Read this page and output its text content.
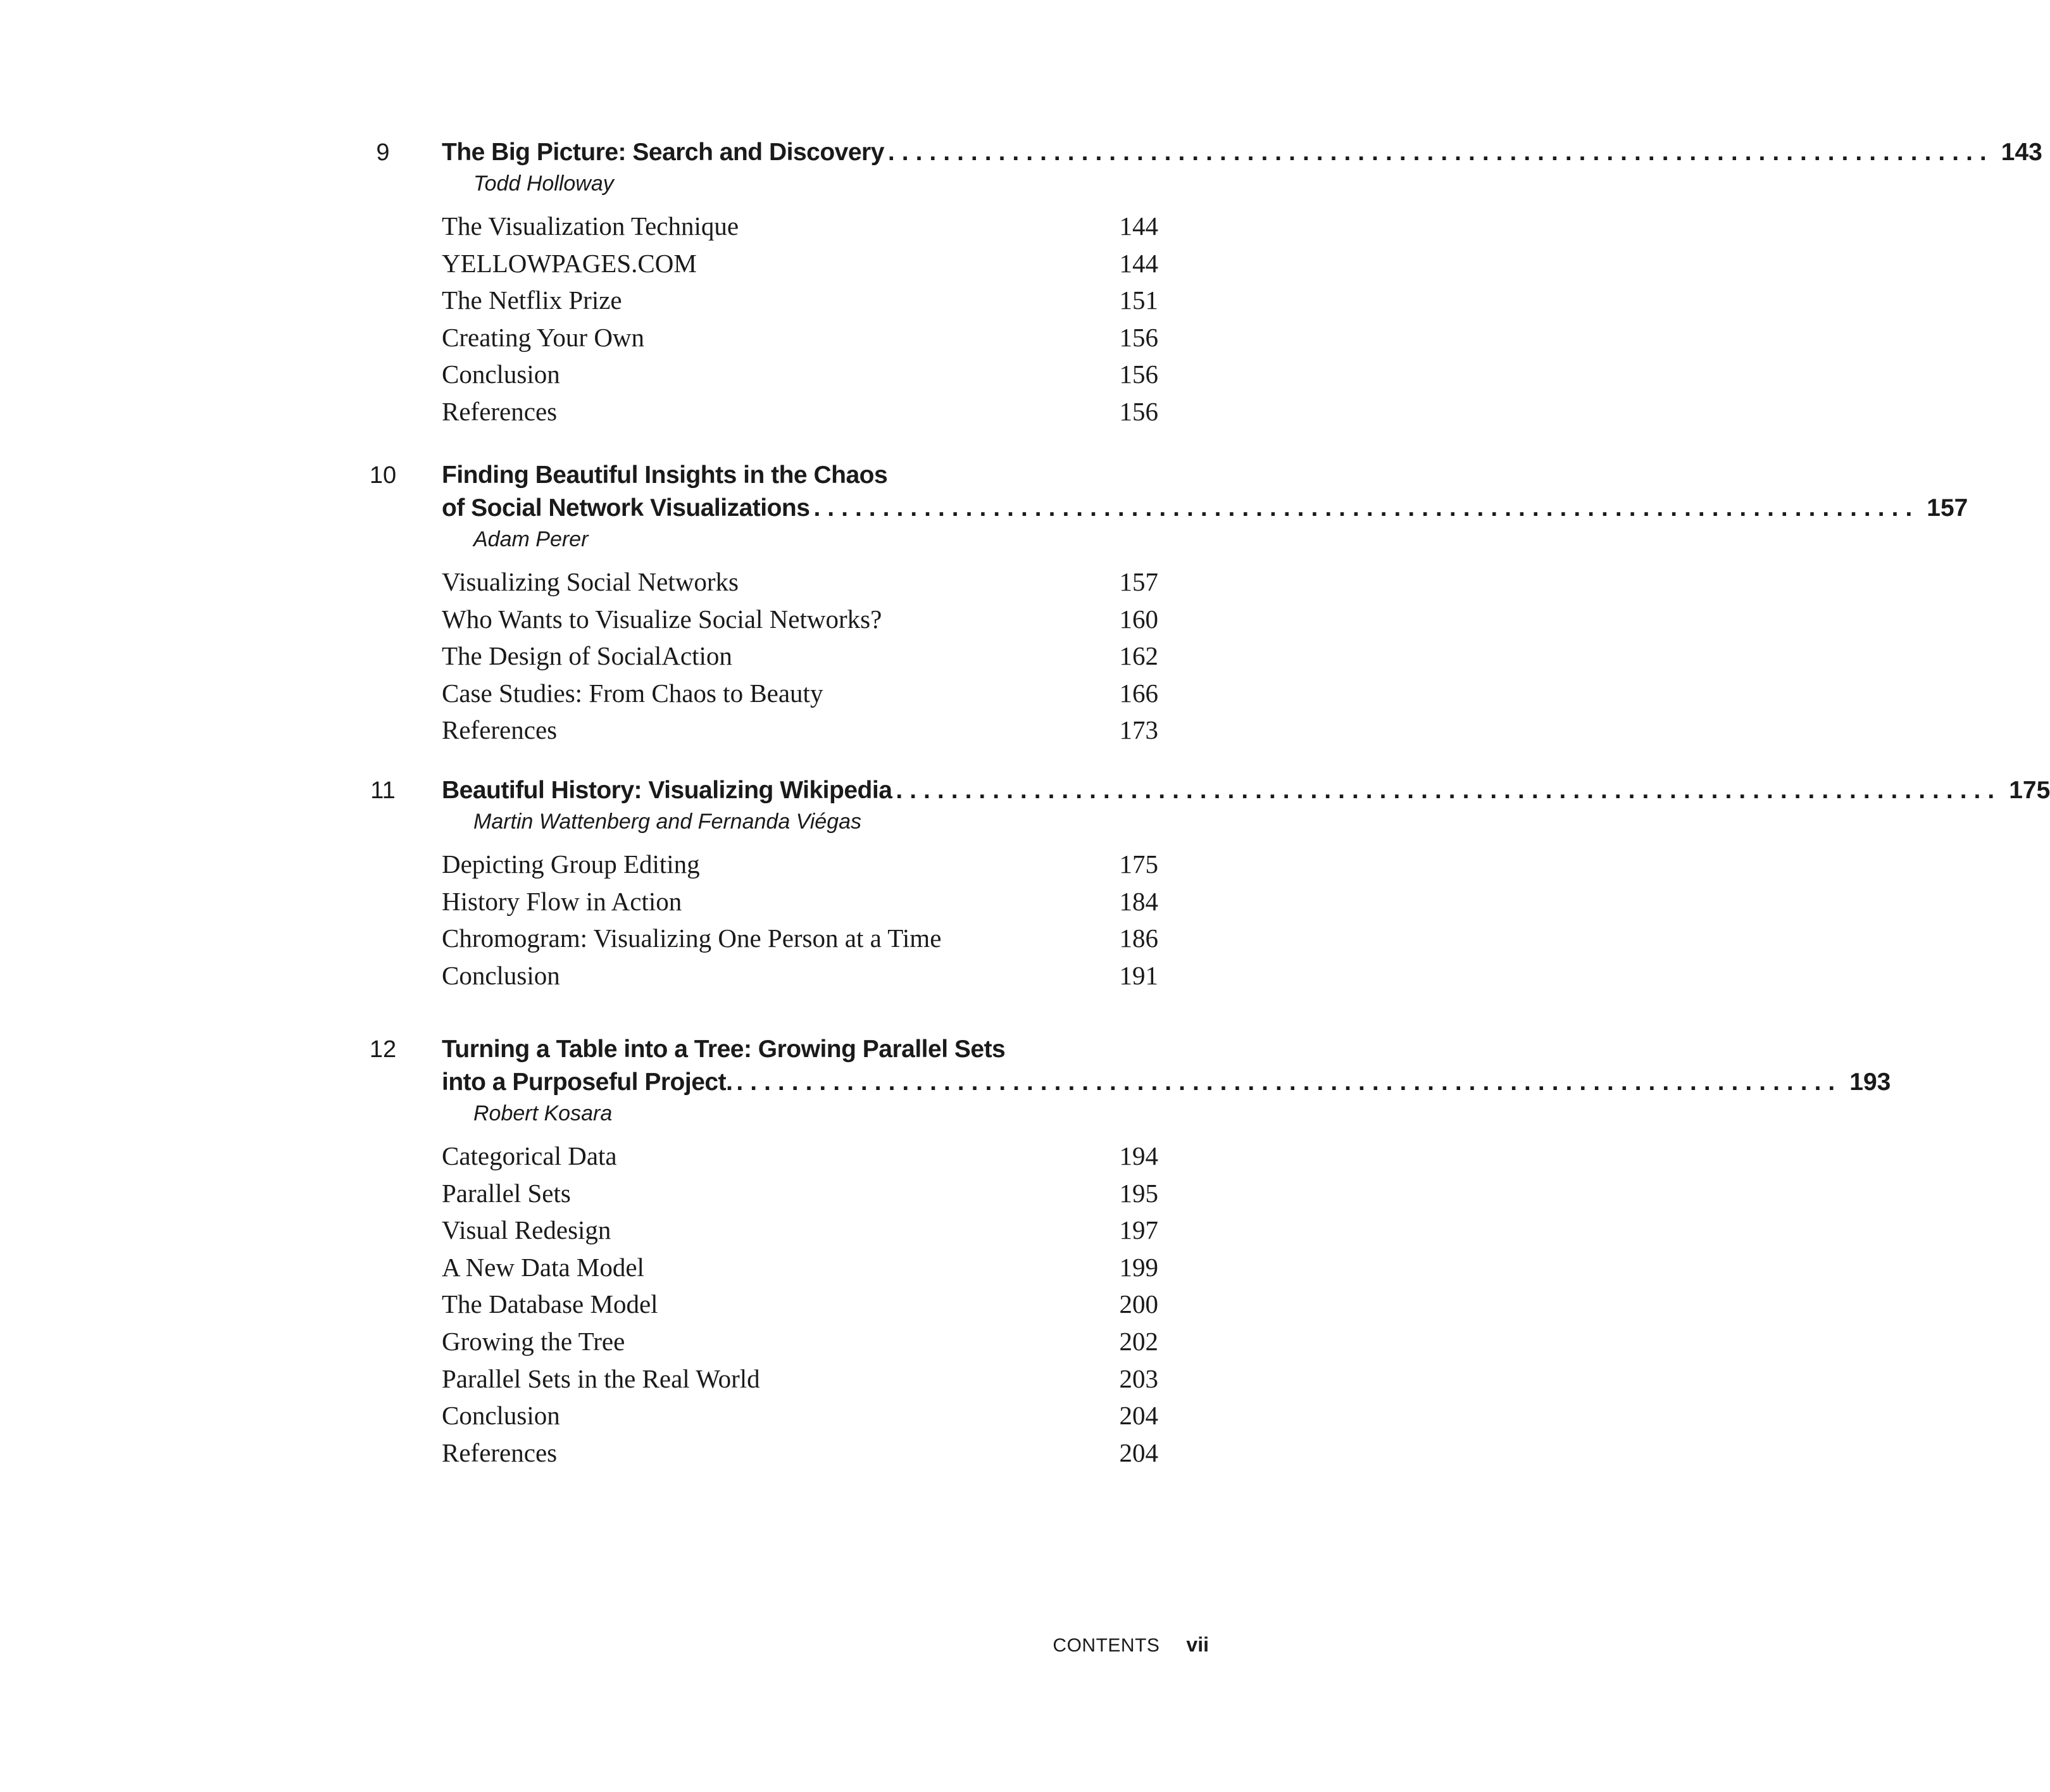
9	The Big Picture: Search and Discovery ................................................................................ 143
Todd Holloway
The Visualization Technique	144
YELLOWPAGES.COM	144
The Netflix Prize	151
Creating Your Own	156
Conclusion	156
References	156
10	Finding Beautiful Insights in the Chaos
of Social Network Visualizations ................................................................................ 157
Adam Perer
Visualizing Social Networks	157
Who Wants to Visualize Social Networks?	160
The Design of SocialAction	162
Case Studies: From Chaos to Beauty	166
References	173
11	Beautiful History: Visualizing Wikipedia ................................................................................ 175
Martin Wattenberg and Fernanda Viégas
Depicting Group Editing	175
History Flow in Action	184
Chromogram: Visualizing One Person at a Time	186
Conclusion	191
12	Turning a Table into a Tree: Growing Parallel Sets
into a Purposeful Project. ................................................................................ 193
Robert Kosara
Categorical Data	194
Parallel Sets	195
Visual Redesign	197
A New Data Model	199
The Database Model	200
Growing the Tree	202
Parallel Sets in the Real World	203
Conclusion	204
References	204
CONTENTS vii
